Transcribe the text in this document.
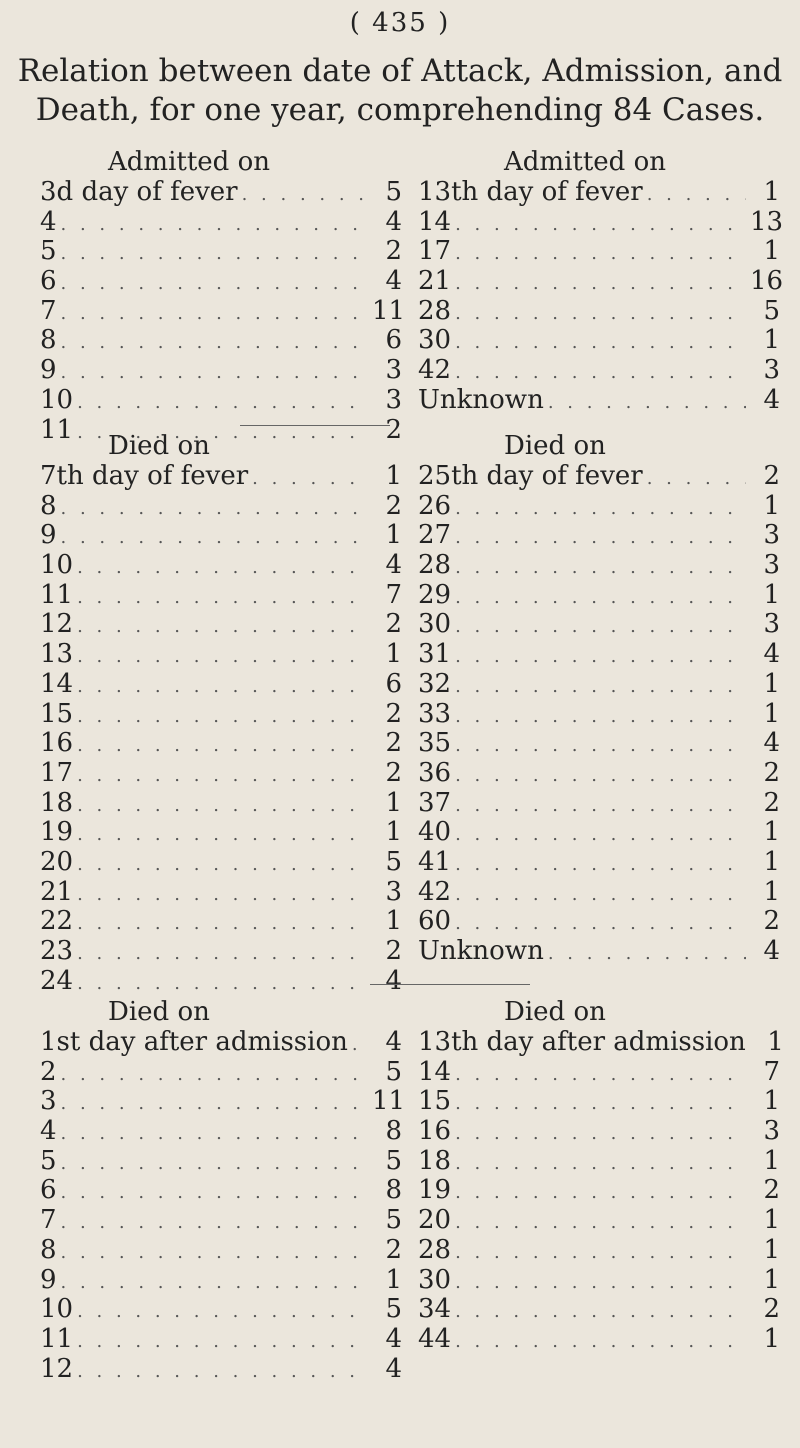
( 435 )
Relation between date of Attack, Admission, and
Death, for one year, comprehending 84 Cases.
Admitted on
3d day of fever . . .	5
4 . . .	4
5 . . .	2
6 . . .	4
7 . . .	11
8 . . .	6
9 . . .	3
10 . . .	3
11 . . .	2
Admitted on
13th day of fever . . .	1
14 . . .	13
17 . . .	1
21 . . .	16
28 . . .	5
30 . . .	1
42 . . .	3
Unknown . . .	4
Died on
7th day of fever . . .	1
8 . . .	2
9 . . .	1
10 . . .	4
11 . . .	7
12 . . .	2
13 . . .	1
14 . . .	6
15 . . .	2
16 . . .	2
17 . . .	2
18 . . .	1
19 . . .	1
20 . . .	5
21 . . .	3
22 . . .	1
23 . . .	2
24 . . .	4
Died on
25th day of fever . . .	2
26 . . .	1
27 . . .	3
28 . . .	3
29 . . .	1
30 . . .	3
31 . . .	4
32 . . .	1
33 . . .	1
35 . . .	4
36 . . .	2
37 . . .	2
40 . . .	1
41 . . .	1
42 . . .	1
60 . . .	2
Unknown . . .	4
Died on
1st day after admission . . .	4
2 . . .	5
3 . . .	11
4 . . .	8
5 . . .	5
6 . . .	8
7 . . .	5
8 . . .	2
9 . . .	1
10 . . .	5
11 . . .	4
12 . . .	4
Died on
13th day after admission 1
14 . . .	7
15 . . .	1
16 . . .	3
18 . . .	1
19 . . .	2
20 . . .	1
28 . . .	1
30 . . .	1
34 . . .	2
44 . . .	1
